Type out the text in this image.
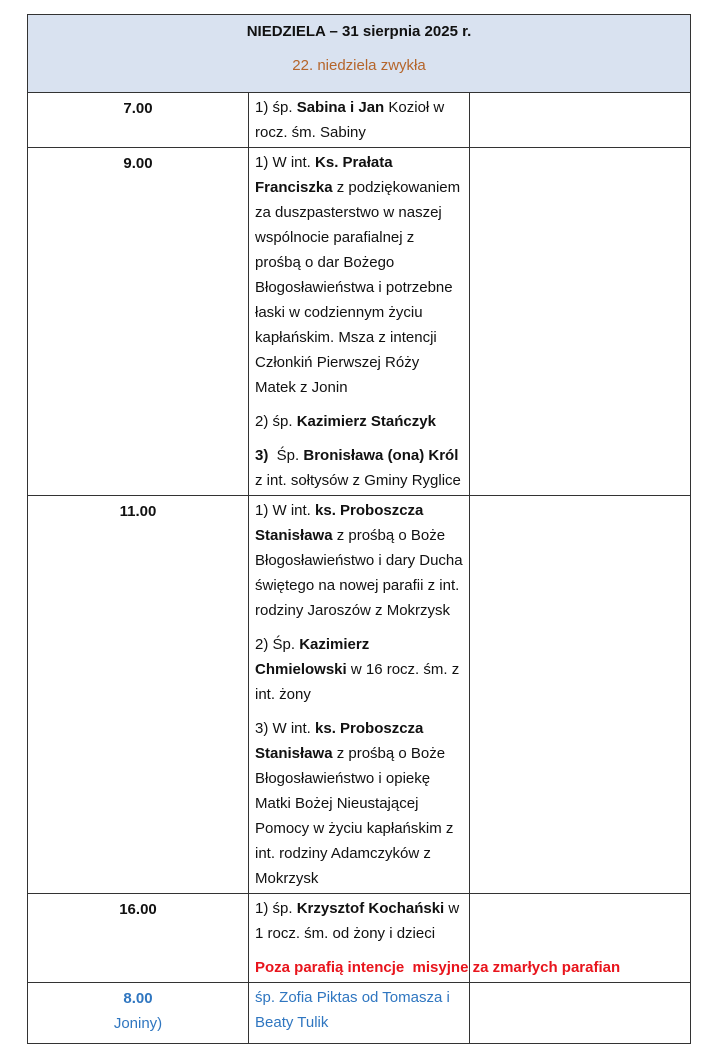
NIEDZIELA – 31 sierpnia 2025 r.
22. niedziela zwykła		

7.00	1) śp. Sabina i Jan Kozioł w rocz. śm. Sabiny	

9.00	1) W int. Ks. Prałata Franciszka z podziękowaniem za duszpasterstwo w naszej wspólnocie parafialnej z prośbą o dar Bożego Błogosławieństwa i potrzebne łaski w codziennym życiu kapłańskim. Msza z intencji Członkiń Pierwszej Róży Matek z Jonin

2) śp. Kazimierz Stańczyk

3)  Śp. Bronisława (ona) Król z int. sołtysów z Gminy Ryglice	

11.00	1) W int. ks. Proboszcza Stanisława z prośbą o Boże Błogosławieństwo i dary Ducha świętego na nowej parafii z int. rodziny Jaroszów z Mokrzysk

2) Śp. Kazimierz Chmielowski w 16 rocz. śm. z int. żony

3) W int. ks. Proboszcza Stanisława z prośbą o Boże Błogosławieństwo i opiekę Matki Bożej Nieustającej Pomocy w życiu kapłańskim z int. rodziny Adamczyków z Mokrzysk	

16.00	1) śp. Krzysztof Kochański w 1 rocz. śm. od żony i dzieci

Poza parafią intencje  misyjne za zmarłych parafian	

8.00
Joniny)	śp. Zofia Piktas od Tomasza i Beaty Tulik	
